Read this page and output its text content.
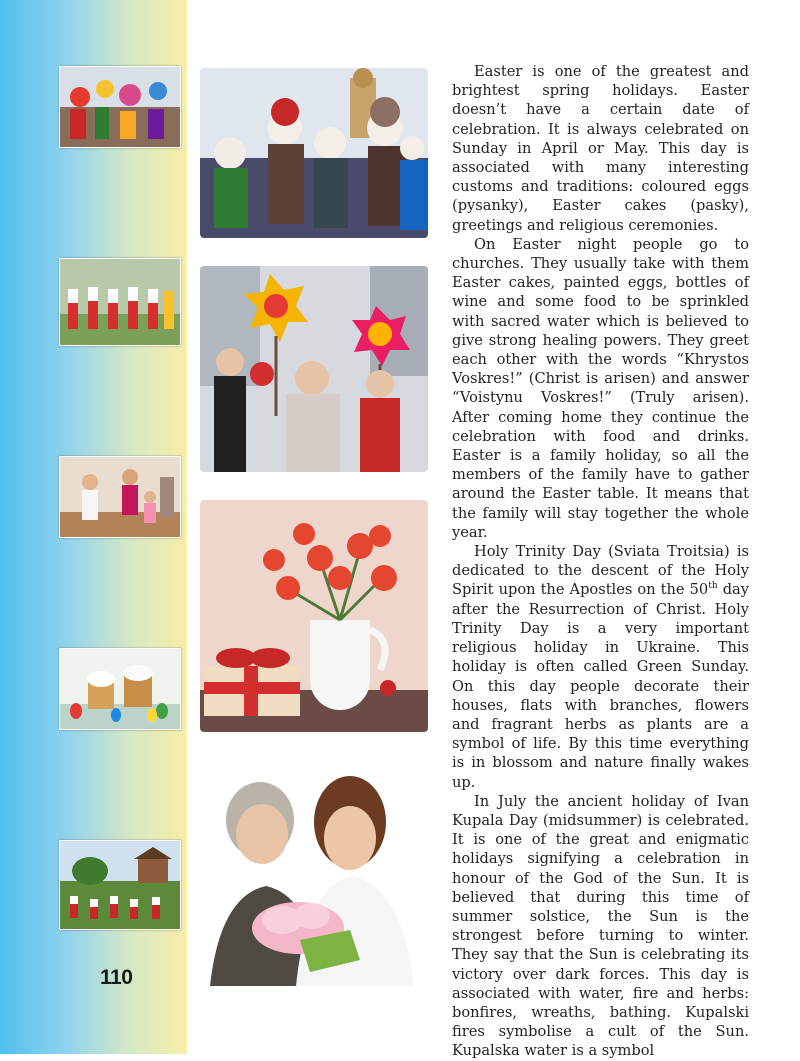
110

Easter is one of the greatest and brightest spring holidays. Easter doesn’t have a certain date of celebration. It is always celebrated on Sunday in April or May. This day is associated with many interesting customs and traditions: coloured eggs (pysanky), Easter cakes (pasky), greetings and religious ceremonies.

On Easter night people go to churches. They usually take with them Easter cakes, painted eggs, bottles of wine and some food to be sprinkled with sacred water which is believed to give strong healing powers. They greet each other with the words “Khrystos Voskres!” (Christ is arisen) and answer “Voistynu Voskres!” (Truly arisen). After coming home they continue the celebration with food and drinks. Easter is a family holiday, so all the members of the family have to gather around the Easter table. It means that the family will stay together the whole year.

Holy Trinity Day (Sviata Troitsia) is dedicated to the descent of the Holy Spirit upon the Apostles on the 50th day after the Resurrection of Christ. Holy Trinity Day is a very important religious holiday in Ukraine. This holiday is often called Green Sunday. On this day people decorate their houses, flats with branches, flowers and fragrant herbs as plants are a symbol of life. By this time everything is in blossom and nature finally wakes up.

In July the ancient holiday of Ivan Kupala Day (midsummer) is celebrated. It is one of the great and enigmatic holidays signifying a celebration in honour of the God of the Sun. It is believed that during this time of summer solstice, the Sun is the strongest before turning to winter. They say that the Sun is celebrating its victory over dark forces. This day is associated with water, fire and herbs: bonfires, wreaths, bathing. Kupalski fires symbolise a cult of the Sun. Kupalska water is a symbol
